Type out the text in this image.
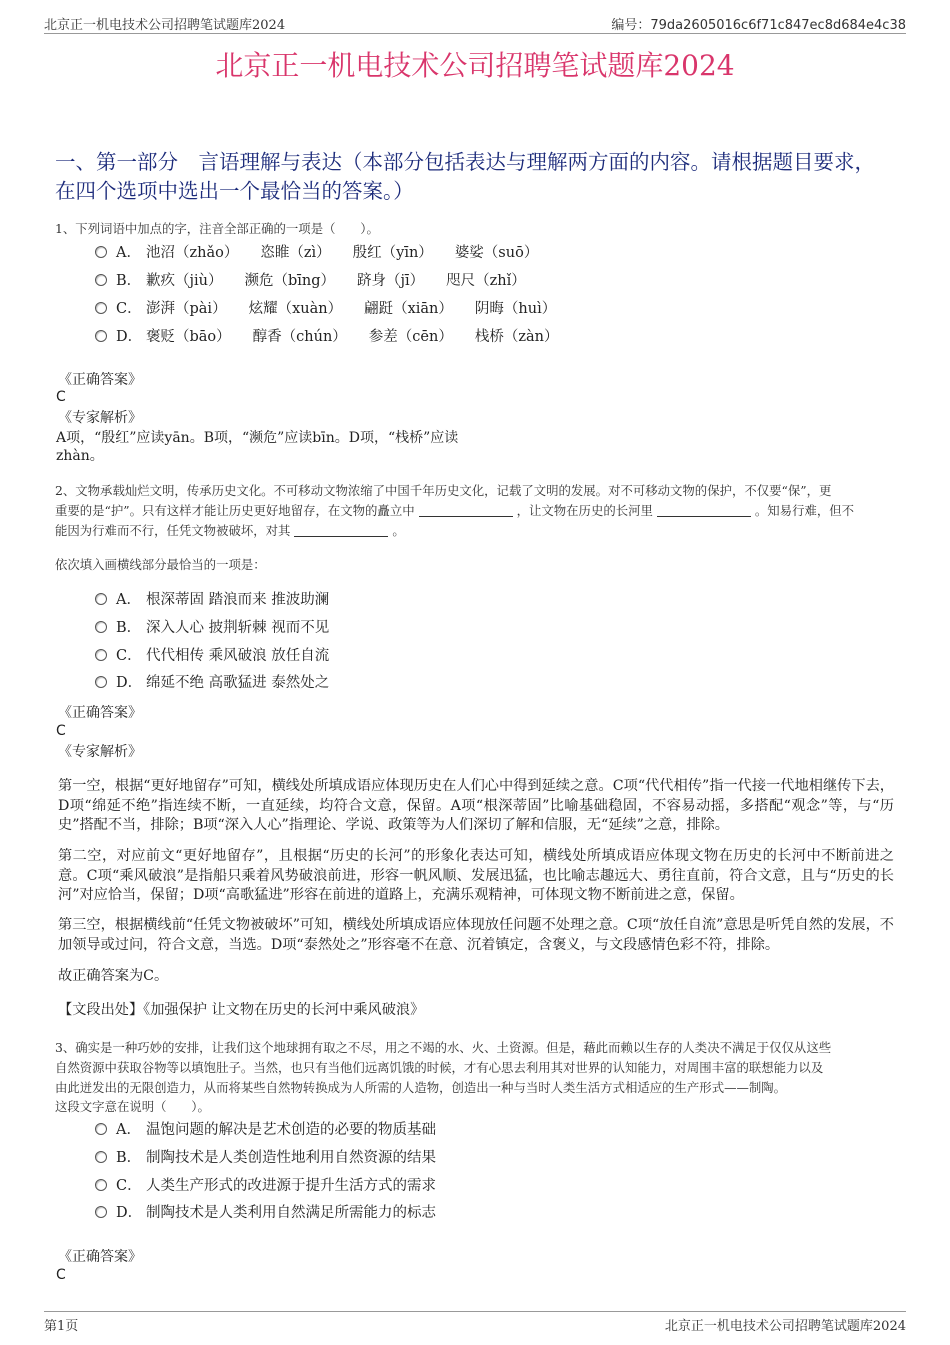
北京正一机电技术公司招聘笔试题库2024	编号：79da2605016c6f71c847ec8d684e4c38
北京正一机电技术公司招聘笔试题库2024
一、第一部分　言语理解与表达（本部分包括表达与理解两方面的内容。请根据题目要求，在四个选项中选出一个最恰当的答案。）
1、下列词语中加点的字，注音全部正确的一项是（　　）。
A． 池沼（zhǎo） 恣睢（zì） 殷红（yīn） 婆娑（suō）
B． 歉疚（jiù） 濒危（bīng） 跻身（jī） 咫尺（zhǐ）
C． 澎湃（pài） 炫耀（xuàn） 翩跹（xiān） 阴晦（huì）
D． 褒贬（bāo） 醇香（chún） 参差（cēn） 栈桥（zàn）
《正确答案》
C
《专家解析》
A项，“殷红”应读yān。B项，“濒危”应读bīn。D项，“栈桥”应读
zhàn。
2、文物承载灿烂文明，传承历史文化。不可移动文物浓缩了中国千年历史文化，记载了文明的发展。对不可移动文物的保护，不仅要“保”，更
重要的是“护”。只有这样才能让历史更好地留存，在文物的矗立中	，让文物在历史的长河里	。知易行难，但不
能因为行难而不行，任凭文物被破坏，对其	。
依次填入画横线部分最恰当的一项是：
A． 根深蒂固 踏浪而来 推波助澜
B． 深入人心 披荆斩棘 视而不见
C． 代代相传 乘风破浪 放任自流
D． 绵延不绝 高歌猛进 泰然处之
《正确答案》
C
《专家解析》
第一空，根据“更好地留存”可知，横线处所填成语应体现历史在人们心中得到延续之意。C项“代代相传”指一代接一代地相继传下去，D项“绵延不绝”指连续不断，一直延续，均符合文意，保留。A项“根深蒂固”比喻基础稳固，不容易动摇，多搭配“观念”等，与“历史”搭配不当，排除；B项“深入人心”指理论、学说、政策等为人们深切了解和信服，无“延续”之意，排除。
第二空，对应前文“更好地留存”，且根据“历史的长河”的形象化表达可知，横线处所填成语应体现文物在历史的长河中不断前进之意。C项“乘风破浪”是指船只乘着风势破浪前进，形容一帆风顺、发展迅猛，也比喻志趣远大、勇往直前，符合文意，且与“历史的长河”对应恰当，保留；D项“高歌猛进”形容在前进的道路上，充满乐观精神，可体现文物不断前进之意，保留。
第三空，根据横线前“任凭文物被破坏”可知，横线处所填成语应体现放任问题不处理之意。C项“放任自流”意思是听凭自然的发展，不加领导或过问，符合文意，当选。D项“泰然处之”形容毫不在意、沉着镇定，含褒义，与文段感情色彩不符，排除。
故正确答案为C。
【文段出处】《加强保护 让文物在历史的长河中乘风破浪》
3、确实是一种巧妙的安排，让我们这个地球拥有取之不尽，用之不竭的水、火、土资源。但是，藉此而赖以生存的人类决不满足于仅仅从这些
自然资源中获取谷物等以填饱肚子。当然，也只有当他们远离饥饿的时候，才有心思去利用其对世界的认知能力，对周围丰富的联想能力以及
由此迸发出的无限创造力，从而将某些自然物转换成为人所需的人造物，创造出一种与当时人类生活方式相适应的生产形式——制陶。
这段文字意在说明（　　）。
A． 温饱问题的解决是艺术创造的必要的物质基础
B． 制陶技术是人类创造性地利用自然资源的结果
C． 人类生产形式的改进源于提升生活方式的需求
D． 制陶技术是人类利用自然满足所需能力的标志
《正确答案》
C
第1页	北京正一机电技术公司招聘笔试题库2024
